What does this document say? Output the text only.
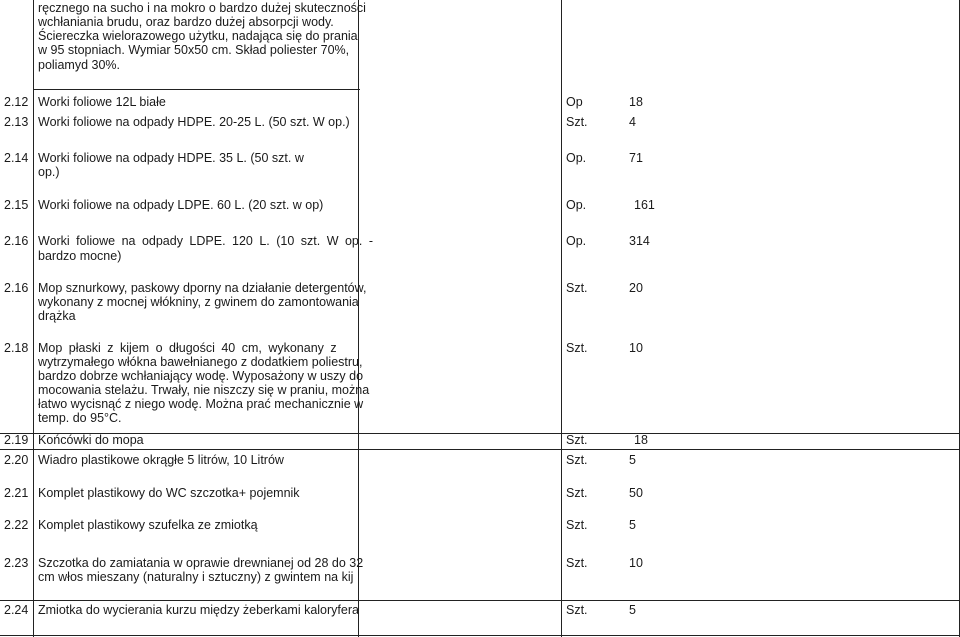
ręcznego na sucho i na mokro o bardzo dużej skuteczności
wchłaniania brudu, oraz bardzo dużej absorpcji wody.
Ściereczka wielorazowego użytku, nadająca się do prania
w 95 stopniach. Wymiar 50x50 cm. Skład poliester 70%,
poliamyd 30%.
2.12 Worki foliowe 12L białe	Op	18
2.13 Worki foliowe na odpady HDPE. 20-25 L. (50 szt. W op.)	Szt.	4
2.14 Worki foliowe na odpady HDPE. 35 L. (50 szt. w
op.)
Op.	71
2.15 Worki foliowe na odpady LDPE. 60 L. (20 szt. w op)	Op.	161
2.16 Worki foliowe na odpady LDPE. 120 L. (10 szt. W op. -
bardzo mocne)
Op.	314
2.16 Mop sznurkowy, paskowy dporny na działanie detergentów,
wykonany z mocnej włókniny, z gwinem do zamontowania
drążka
Szt.	20
2.18 Mop płaski z kijem o długości 40 cm, wykonany z
wytrzymałego włókna bawełnianego z dodatkiem poliestru,
bardzo dobrze wchłaniający wodę. Wyposażony w uszy do
mocowania stelażu. Trwały, nie niszczy się w praniu, można
łatwo wycisnąć z niego wodę. Można prać mechanicznie w
temp. do 95°C.
Szt.	10
2.19 Końcówki do mopa	Szt.	18
2.20 Wiadro plastikowe okrągłe 5 litrów, 10 Litrów	Szt.	5
2.21 Komplet plastikowy do WC szczotka+ pojemnik	Szt.	50
2.22 Komplet plastikowy szufelka ze zmiotką	Szt.	5
2.23 Szczotka do zamiatania w oprawie drewnianej od 28 do 32
cm włos mieszany (naturalny i sztuczny) z gwintem na kij
Szt.	10
2.24 Zmiotka do wycierania kurzu między żeberkami kaloryfera	Szt.	5
